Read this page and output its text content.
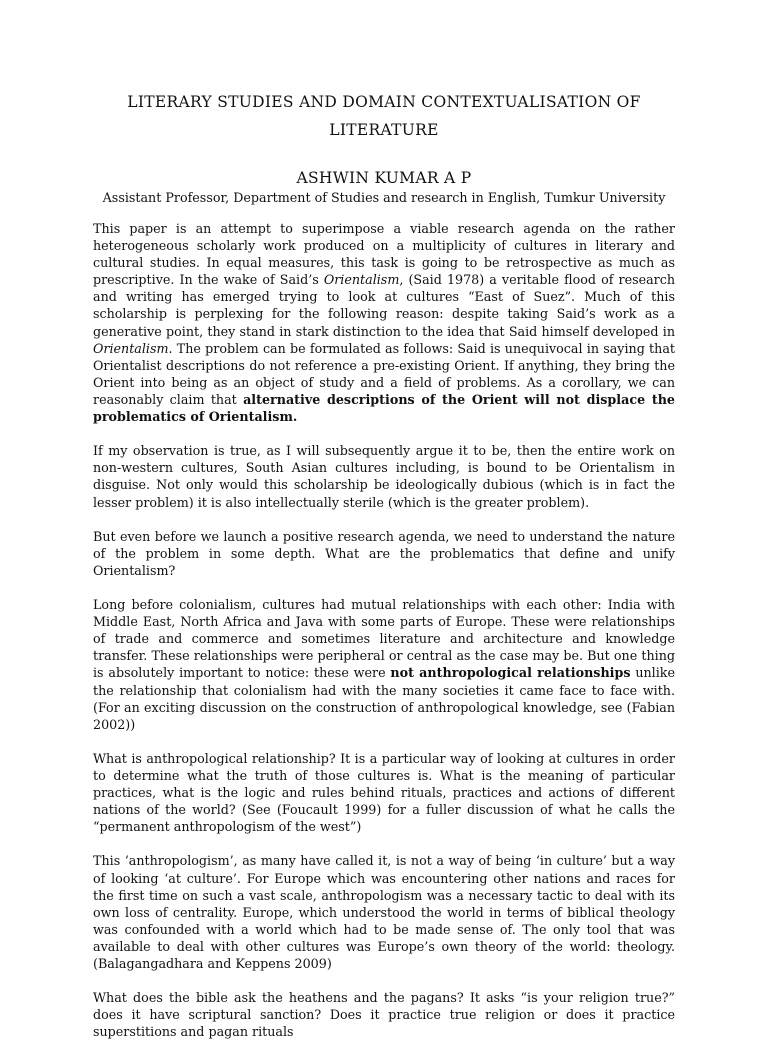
LITERARY STUDIES AND DOMAIN CONTEXTUALISATION OF LITERATURE
ASHWIN KUMAR A P
Assistant Professor, Department of Studies and research in English, Tumkur University

This paper is an attempt to superimpose a viable research agenda on the rather heterogeneous scholarly work produced on a multiplicity of cultures in literary and cultural studies. In equal measures, this task is going to be retrospective as much as prescriptive. In the wake of Said’s Orientalism, (Said 1978) a veritable flood of research and writing has emerged trying to look at cultures “East of Suez”. Much of this scholarship is perplexing for the following reason: despite taking Said’s work as a generative point, they stand in stark distinction to the idea that Said himself developed in Orientalism. The problem can be formulated as follows: Said is unequivocal in saying that Orientalist descriptions do not reference a pre-existing Orient. If anything, they bring the Orient into being as an object of study and a field of problems. As a corollary, we can reasonably claim that alternative descriptions of the Orient will not displace the problematics of Orientalism.

If my observation is true, as I will subsequently argue it to be, then the entire work on non-western cultures, South Asian cultures including, is bound to be Orientalism in disguise. Not only would this scholarship be ideologically dubious (which is in fact the lesser problem) it is also intellectually sterile (which is the greater problem).

But even before we launch a positive research agenda, we need to understand the nature of the problem in some depth. What are the problematics that define and unify Orientalism?

Long before colonialism, cultures had mutual relationships with each other: India with Middle East, North Africa and Java with some parts of Europe. These were relationships of trade and commerce and sometimes literature and architecture and knowledge transfer. These relationships were peripheral or central as the case may be. But one thing is absolutely important to notice: these were not anthropological relationships unlike the relationship that colonialism had with the many societies it came face to face with. (For an exciting discussion on the construction of anthropological knowledge, see (Fabian 2002))

What is anthropological relationship? It is a particular way of looking at cultures in order to determine what the truth of those cultures is. What is the meaning of particular practices, what is the logic and rules behind rituals, practices and actions of different nations of the world? (See (Foucault 1999) for a fuller discussion of what he calls the “permanent anthropologism of the west”)

This ‘anthropologism’, as many have called it, is not a way of being ‘in culture’ but a way of looking ‘at culture’. For Europe which was encountering other nations and races for the first time on such a vast scale, anthropologism was a necessary tactic to deal with its own loss of centrality. Europe, which understood the world in terms of biblical theology was confounded with a world which had to be made sense of. The only tool that was available to deal with other cultures was Europe’s own theory of the world: theology. (Balagangadhara and Keppens 2009)

What does the bible ask the heathens and the pagans? It asks “is your religion true?” does it have scriptural sanction? Does it practice true religion or does it practice superstitions and pagan rituals
